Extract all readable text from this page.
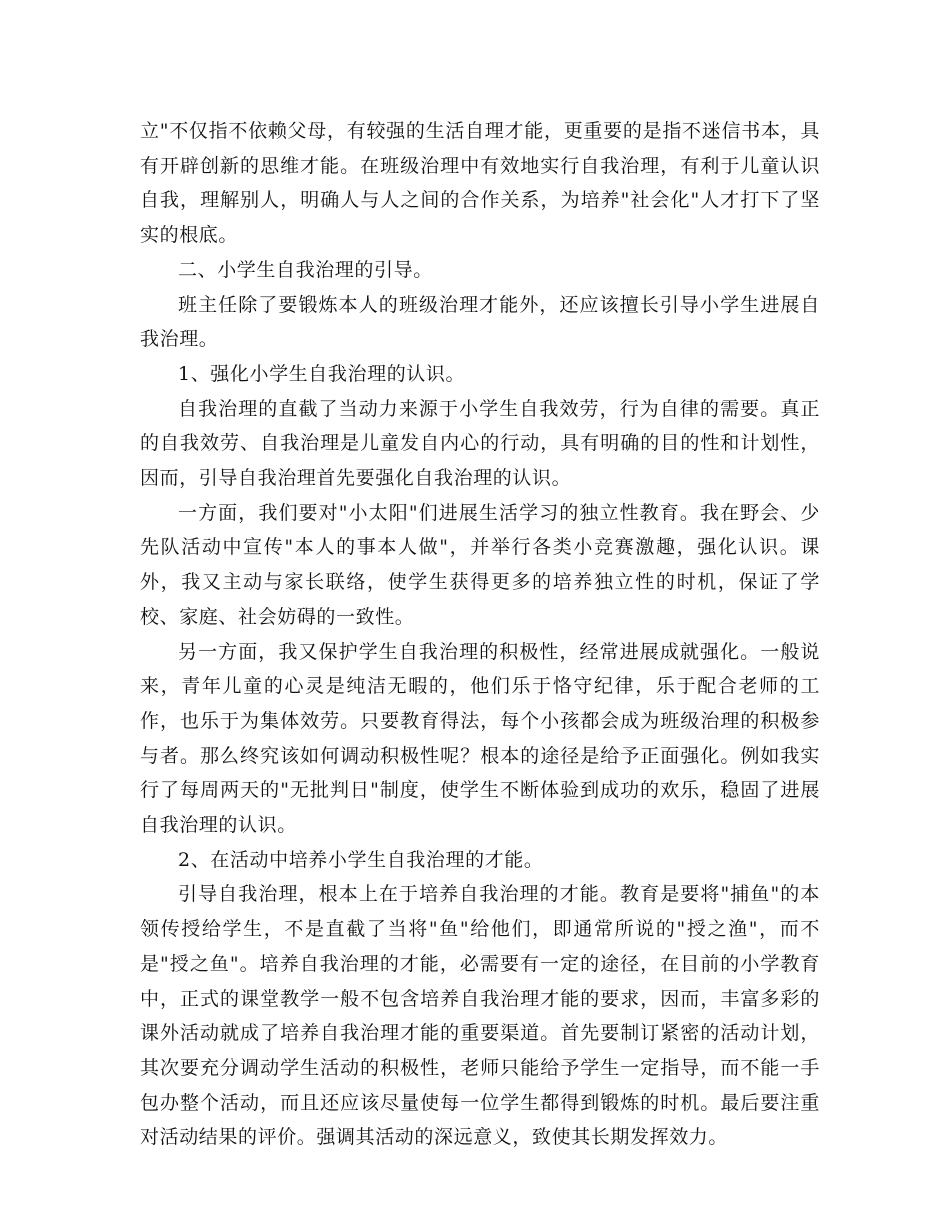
立"不仅指不依赖父母，有较强的生活自理才能，更重要的是指不迷信书本，具有开辟创新的思维才能。在班级治理中有效地实行自我治理，有利于儿童认识自我，理解别人，明确人与人之间的合作关系，为培养"社会化"人才打下了坚实的根底。

二、小学生自我治理的引导。

班主任除了要锻炼本人的班级治理才能外，还应该擅长引导小学生进展自我治理。

1、强化小学生自我治理的认识。

自我治理的直截了当动力来源于小学生自我效劳，行为自律的需要。真正的自我效劳、自我治理是儿童发自内心的行动，具有明确的目的性和计划性，因而，引导自我治理首先要强化自我治理的认识。

一方面，我们要对"小太阳"们进展生活学习的独立性教育。我在野会、少先队活动中宣传"本人的事本人做"，并举行各类小竞赛激趣，强化认识。课外，我又主动与家长联络，使学生获得更多的培养独立性的时机，保证了学校、家庭、社会妨碍的一致性。

另一方面，我又保护学生自我治理的积极性，经常进展成就强化。一般说来，青年儿童的心灵是纯洁无暇的，他们乐于恪守纪律，乐于配合老师的工作，也乐于为集体效劳。只要教育得法，每个小孩都会成为班级治理的积极参与者。那么终究该如何调动积极性呢？根本的途径是给予正面强化。例如我实行了每周两天的"无批判日"制度，使学生不断体验到成功的欢乐，稳固了进展自我治理的认识。

2、在活动中培养小学生自我治理的才能。

引导自我治理，根本上在于培养自我治理的才能。教育是要将"捕鱼"的本领传授给学生，不是直截了当将"鱼"给他们，即通常所说的"授之渔"，而不是"授之鱼"。培养自我治理的才能，必需要有一定的途径，在目前的小学教育中，正式的课堂教学一般不包含培养自我治理才能的要求，因而，丰富多彩的课外活动就成了培养自我治理才能的重要渠道。首先要制订紧密的活动计划，其次要充分调动学生活动的积极性，老师只能给予学生一定指导，而不能一手包办整个活动，而且还应该尽量使每一位学生都得到锻炼的时机。最后要注重对活动结果的评价。强调其活动的深远意义，致使其长期发挥效力。
